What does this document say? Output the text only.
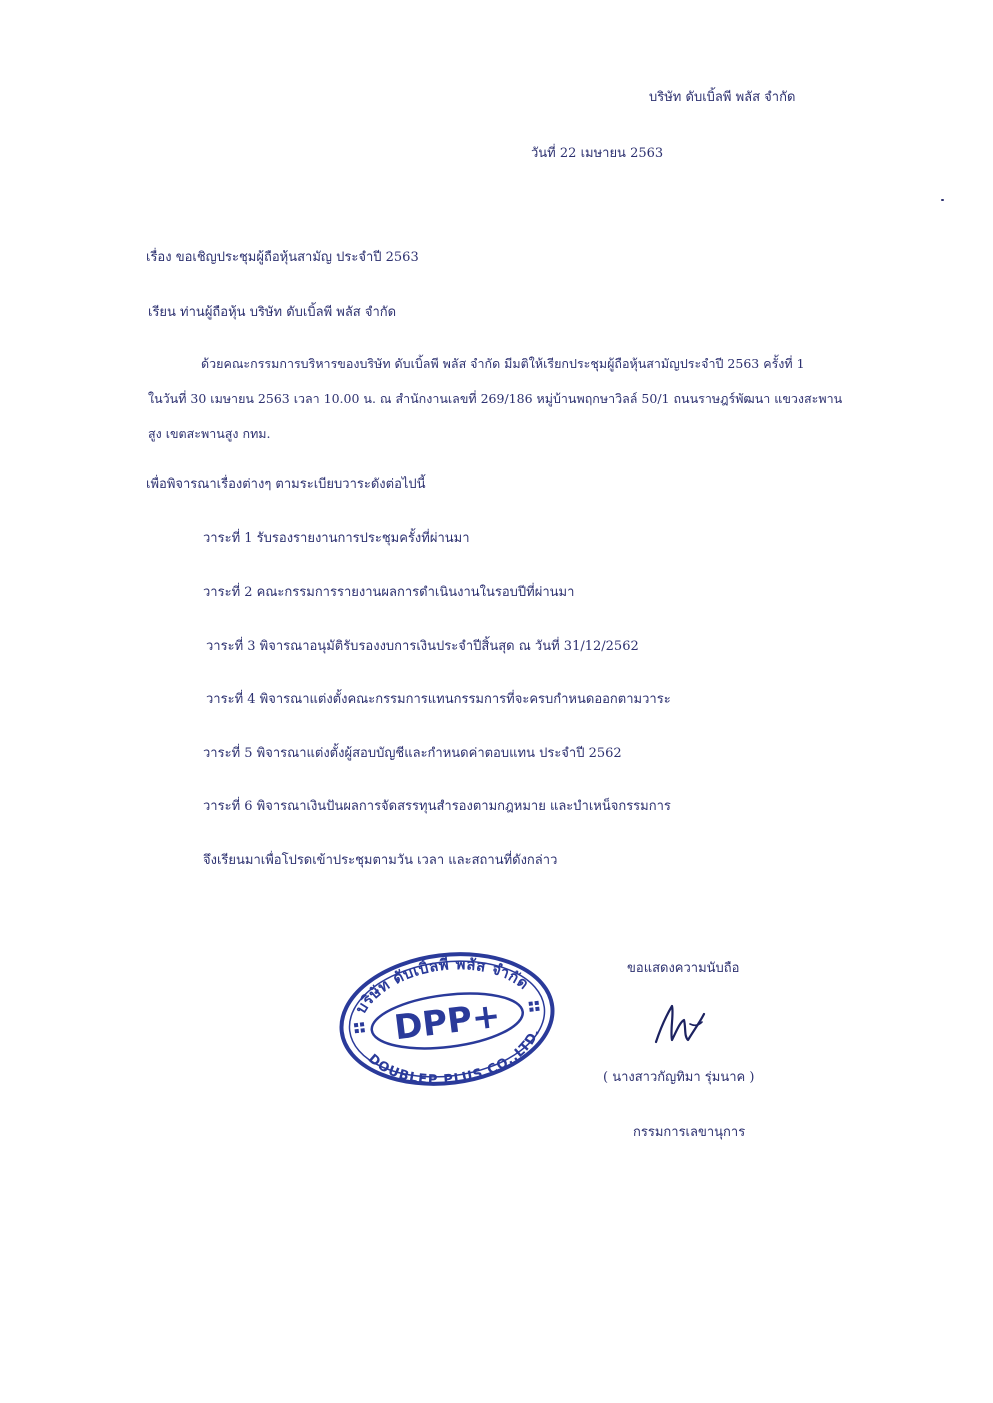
บริษัท ดับเบิ้ลพี พลัส จำกัด
วันที่ 22 เมษายน 2563
เรื่อง ขอเชิญประชุมผู้ถือหุ้นสามัญ ประจำปี 2563
เรียน ท่านผู้ถือหุ้น บริษัท ดับเบิ้ลพี พลัส จำกัด
ด้วยคณะกรรมการบริหารของบริษัท ดับเบิ้ลพี พลัส จำกัด มีมติให้เรียกประชุมผู้ถือหุ้นสามัญประจำปี 2563 ครั้งที่ 1
ในวันที่ 30 เมษายน 2563 เวลา 10.00 น. ณ สำนักงานเลขที่ 269/186 หมู่บ้านพฤกษาวิลล์ 50/1 ถนนราษฎร์พัฒนา แขวงสะพาน
สูง เขตสะพานสูง กทม.
เพื่อพิจารณาเรื่องต่างๆ ตามระเบียบวาระดังต่อไปนี้
วาระที่ 1 รับรองรายงานการประชุมครั้งที่ผ่านมา
วาระที่ 2 คณะกรรมการรายงานผลการดำเนินงานในรอบปีที่ผ่านมา
วาระที่ 3 พิจารณาอนุมัติรับรองงบการเงินประจำปีสิ้นสุด ณ วันที่ 31/12/2562
วาระที่ 4 พิจารณาแต่งตั้งคณะกรรมการแทนกรรมการที่จะครบกำหนดออกตามวาระ
วาระที่ 5 พิจารณาแต่งตั้งผู้สอบบัญชีและกำหนดค่าตอบแทน ประจำปี 2562
วาระที่ 6 พิจารณาเงินปันผลการจัดสรรทุนสำรองตามกฎหมาย และบำเหน็จกรรมการ
จึงเรียนมาเพื่อโปรดเข้าประชุมตามวัน เวลา และสถานที่ดังกล่าว
ขอแสดงความนับถือ
บริษัท ดับเบิ้ลพี พลัส จำกัด
DPP+
DOUBLEP PLUS CO.,LTD.
( นางสาวกัญทิมา รุ่มนาค )
กรรมการเลขานุการ
